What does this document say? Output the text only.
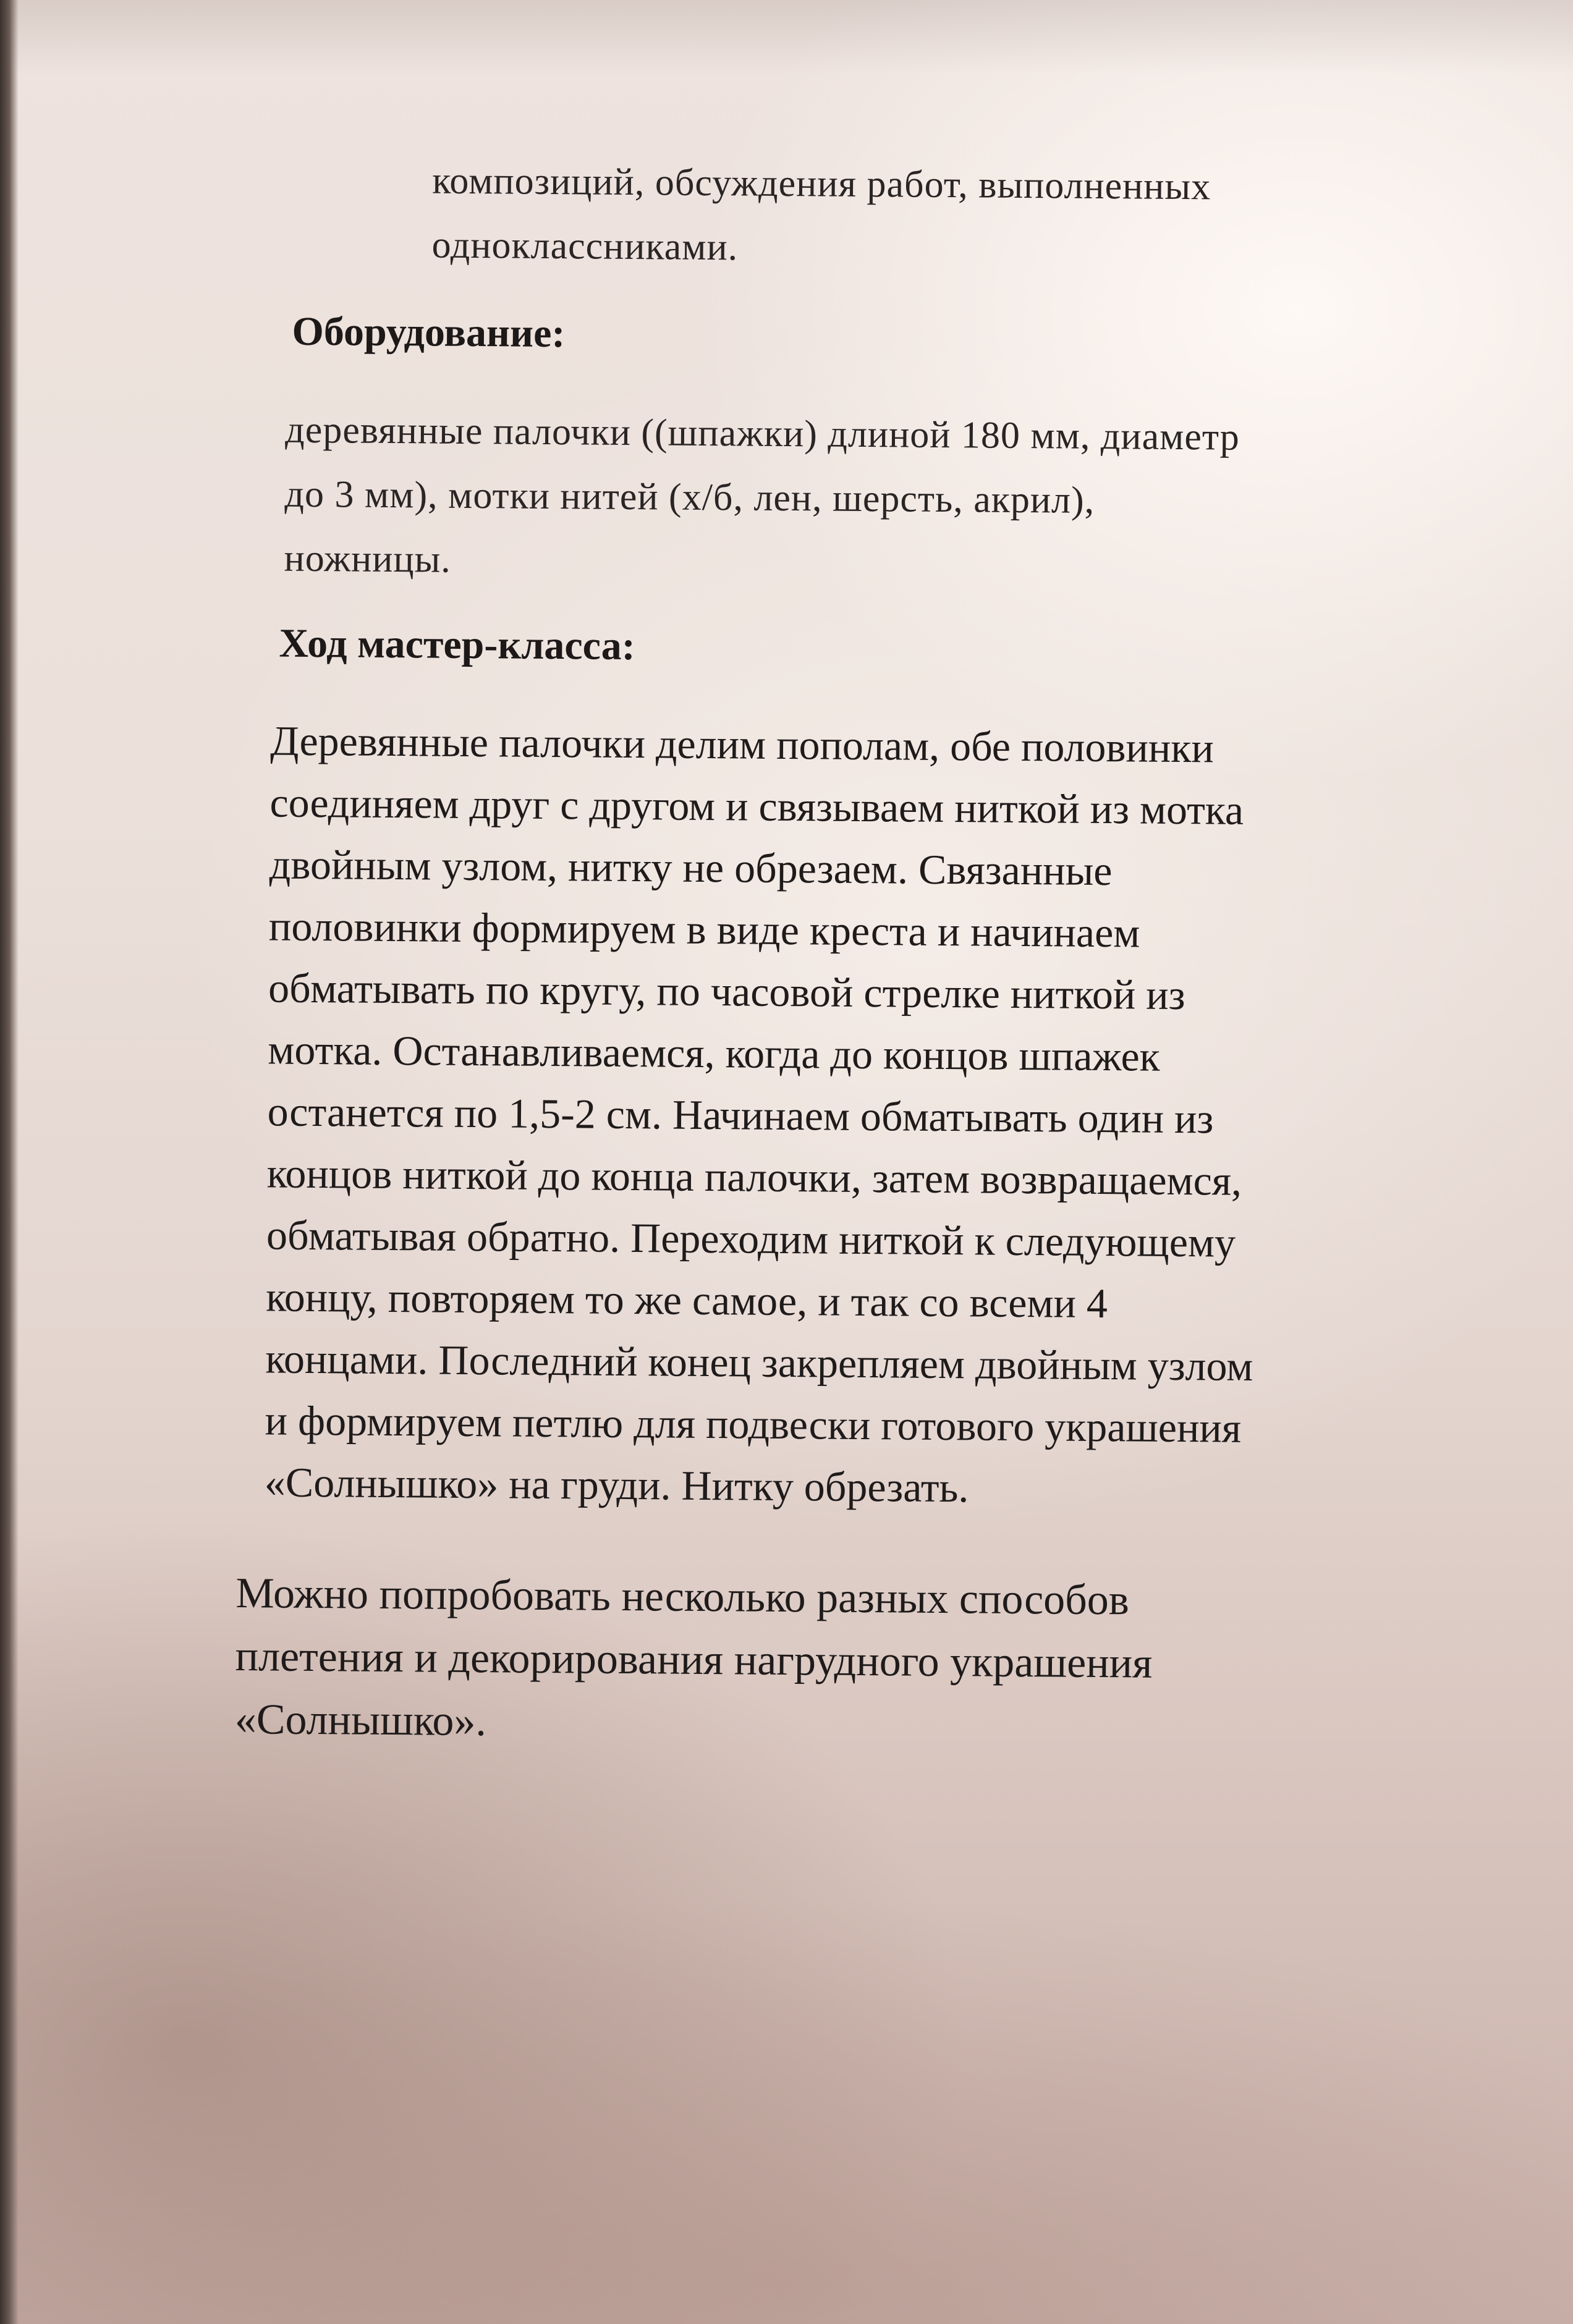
композиций, обсуждения работ, выполненных
одноклассниками.

Оборудование:

деревянные палочки ((шпажки) длиной 180 мм, диаметр
до 3 мм), мотки нитей (х/б, лен, шерсть, акрил),
ножницы.

Ход мастер-класса:

Деревянные палочки делим пополам, обе половинки
соединяем друг с другом и связываем ниткой из мотка
двойным узлом, нитку не обрезаем. Связанные
половинки формируем в виде креста и начинаем
обматывать по кругу, по часовой стрелке ниткой из
мотка. Останавливаемся, когда до концов шпажек
останется по 1,5-2 см. Начинаем обматывать один из
концов ниткой до конца палочки, затем возвращаемся,
обматывая обратно. Переходим ниткой к следующему
концу, повторяем то же самое, и так со всеми 4
концами. Последний конец закрепляем двойным узлом
и формируем петлю для подвески готового украшения
«Солнышко» на груди. Нитку обрезать.

Можно попробовать несколько разных способов
плетения и декорирования нагрудного украшения
«Солнышко».
